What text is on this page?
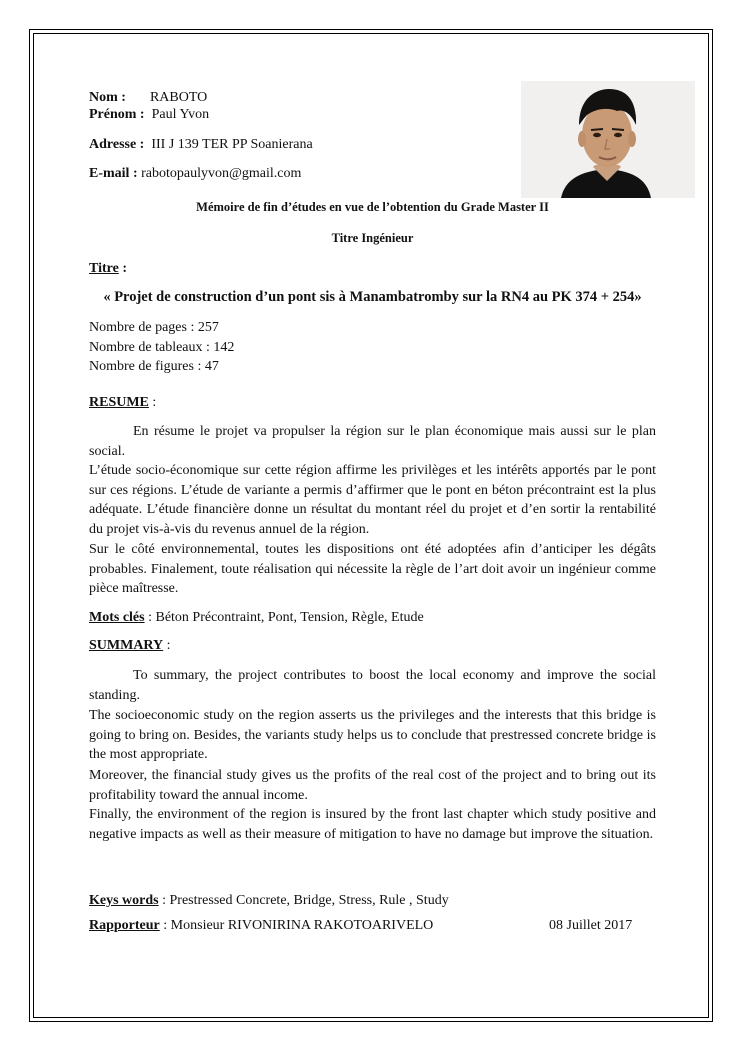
Nom : RABOTO
Prénom : Paul Yvon
Adresse : III J 139 TER PP Soanierana
E-mail : rabotopaulyvon@gmail.com
Mémoire de fin d’études en vue de l’obtention du Grade Master II
Titre Ingénieur
Titre :
« Projet de construction d’un pont sis à Manambatromby sur la RN4 au PK 374 + 254»
Nombre de pages : 257
Nombre de tableaux : 142
Nombre de figures : 47
RESUME :
En résume le projet va propulser la région sur le plan économique mais aussi sur le plan social.
L’étude socio-économique sur cette région affirme les privilèges et les intérêts apportés par le pont sur ces régions. L’étude de variante a permis d’affirmer que le pont en béton précontraint est la plus adéquate. L’étude financière donne un résultat du montant réel du projet et d’en sortir la rentabilité du projet vis-à-vis du revenus annuel de la région.
Sur le côté environnemental, toutes les dispositions ont été adoptées afin d’anticiper les dégâts probables. Finalement, toute réalisation qui nécessite la règle de l’art doit avoir un ingénieur comme pièce maîtresse.
Mots clés : Béton Précontraint, Pont, Tension, Règle, Etude
SUMMARY :
To summary, the project contributes to boost the local economy and improve the social standing.
The socioeconomic study on the region asserts us the privileges and the interests that this bridge is going to bring on. Besides, the variants study helps us to conclude that prestressed concrete bridge is the most appropriate.
Moreover, the financial study gives us the profits of the real cost of the project and to bring out its profitability toward the annual income.
Finally, the environment of the region is insured by the front last chapter which study positive and negative impacts as well as their measure of mitigation to have no damage but improve the situation.
Keys words : Prestressed Concrete, Bridge, Stress, Rule , Study
Rapporteur : Monsieur RIVONIRINA RAKOTOARIVELO	08 Juillet 2017
